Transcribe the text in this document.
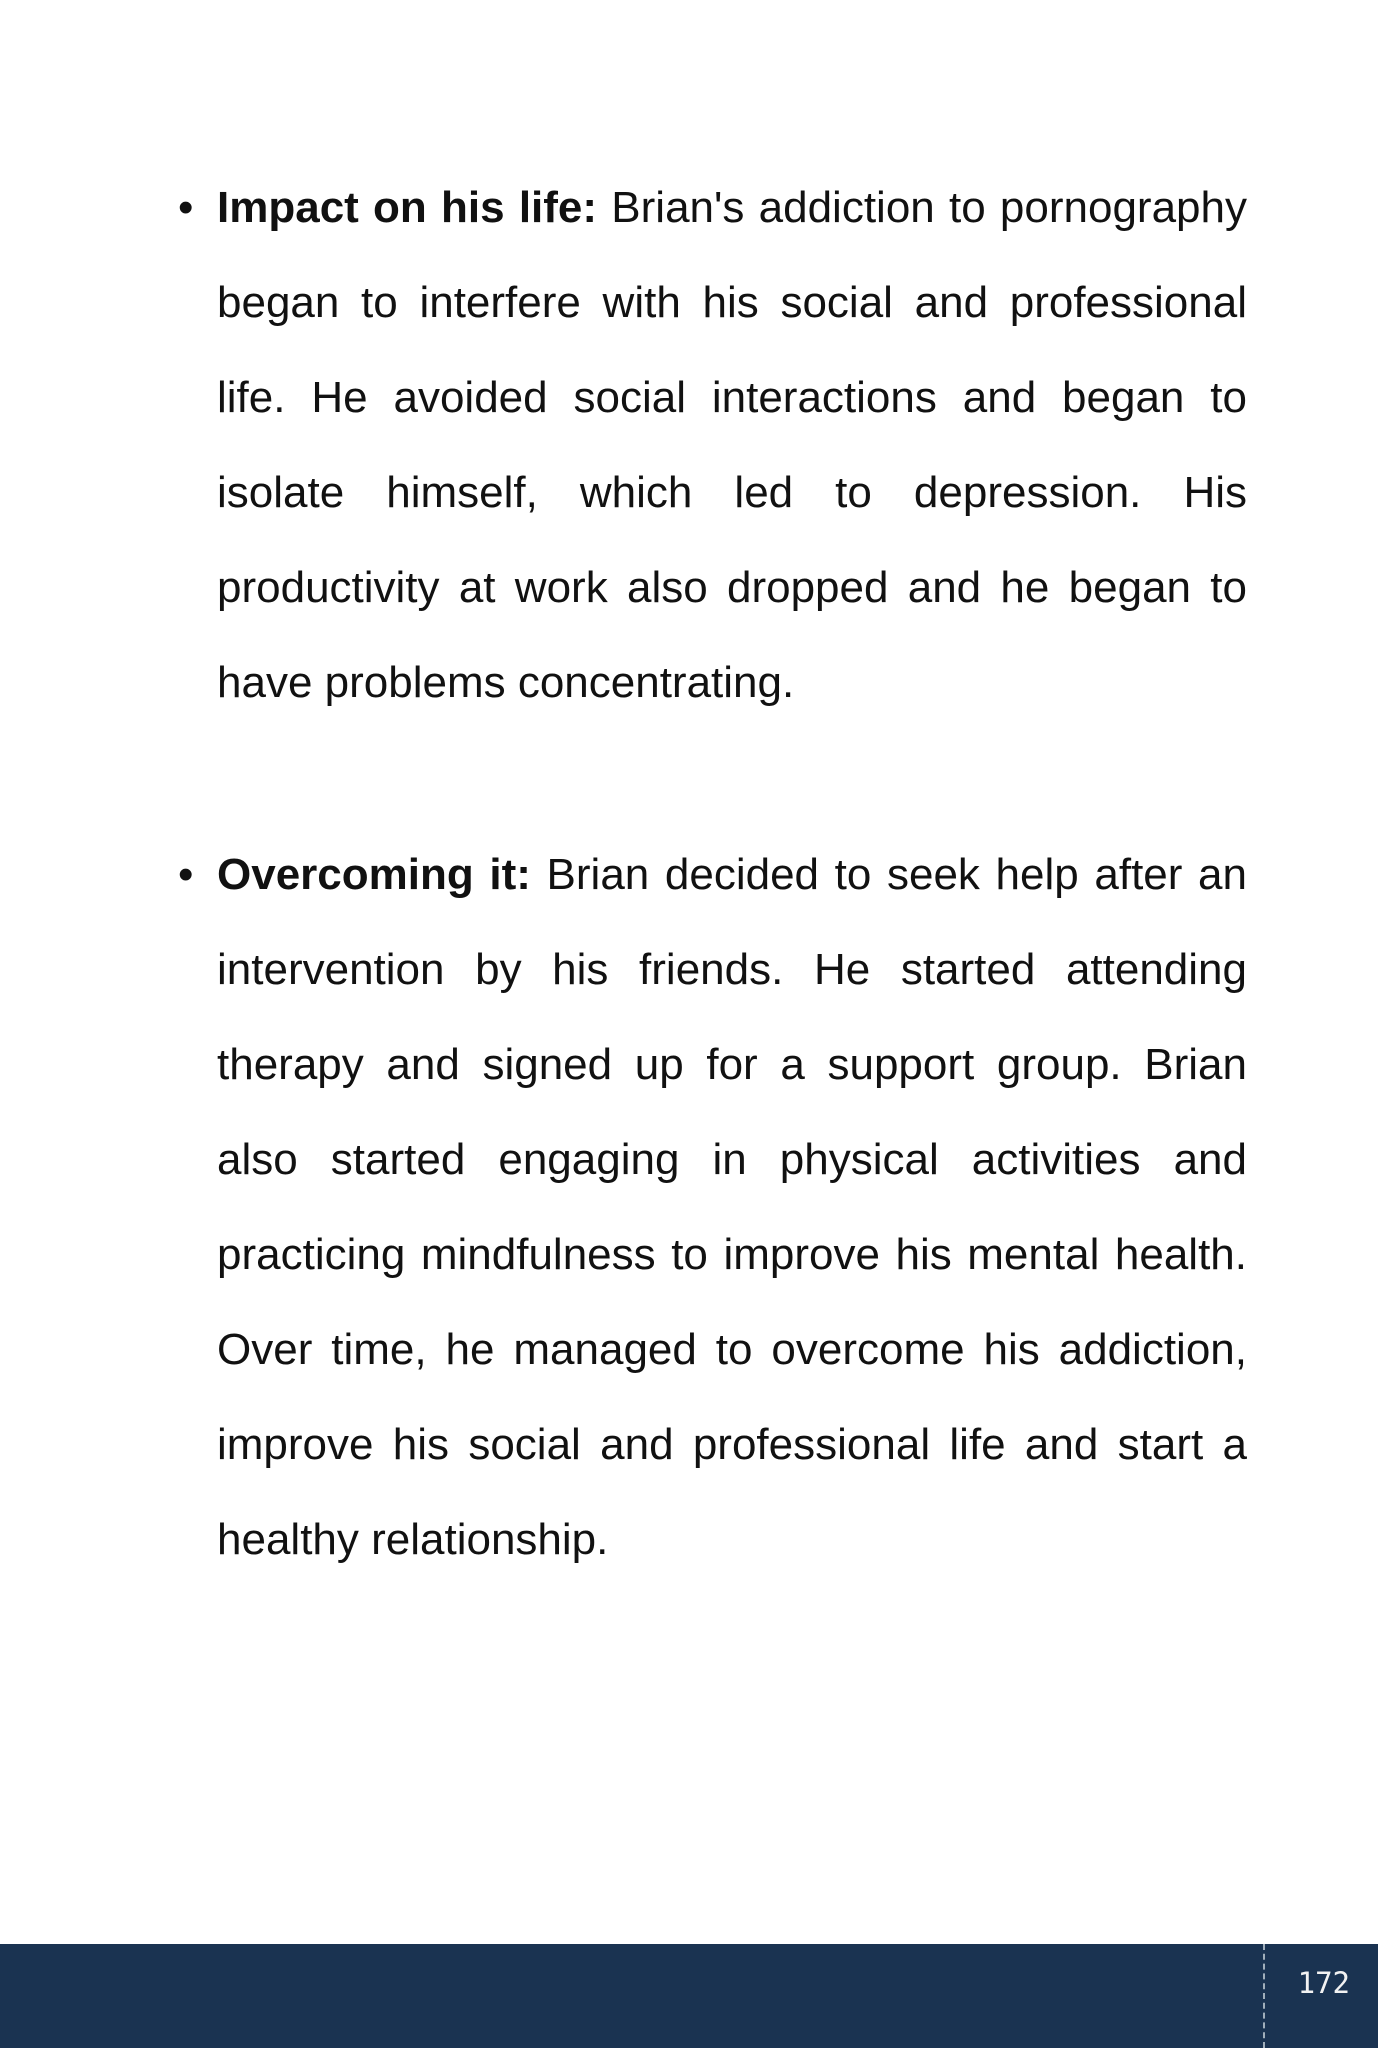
• Impact on his life: Brian's addiction to pornography
began to interfere with his social and professional
life. He avoided social interactions and began to
isolate himself, which led to depression. His
productivity at work also dropped and he began to
have problems concentrating.
• Overcoming it: Brian decided to seek help after an
intervention by his friends. He started attending
therapy and signed up for a support group. Brian
also started engaging in physical activities and
practicing mindfulness to improve his mental health.
Over time, he managed to overcome his addiction,
improve his social and professional life and start a
healthy relationship.
172
